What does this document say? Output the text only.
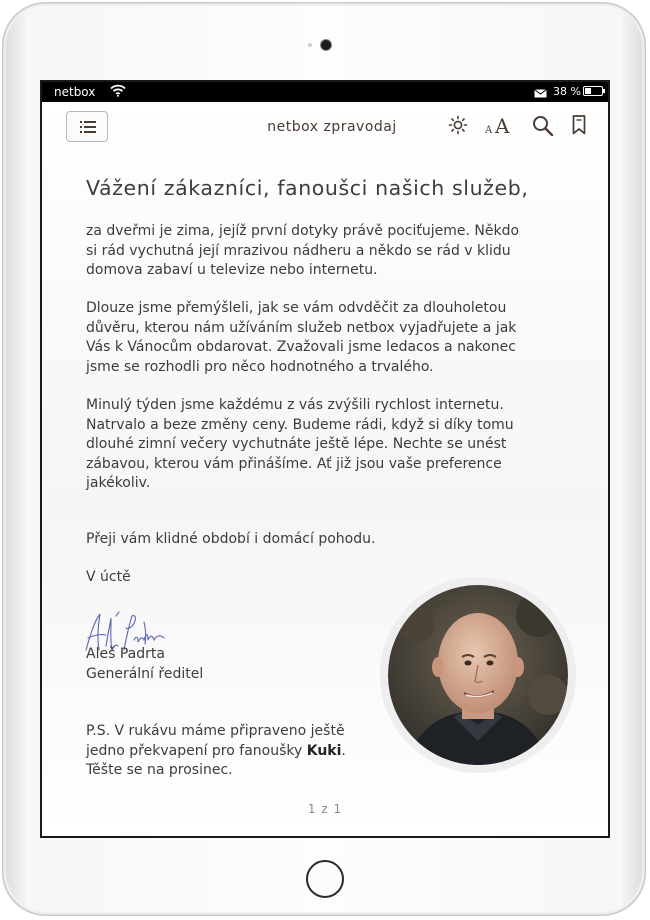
netbox	38 %
netbox zpravodaj	A A
Vážení zákazníci, fanoušci našich služeb,

za dveřmi je zima, jejíž první dotyky právě pociťujeme. Někdo
si rád vychutná její mrazivou nádheru a někdo se rád v klidu
domova zabaví u televize nebo internetu.

Dlouze jsme přemýšleli, jak se vám odvděčit za dlouholetou
důvěru, kterou nám užíváním služeb netbox vyjadřujete a jak
Vás k Vánocům obdarovat. Zvažovali jsme ledacos a nakonec
jsme se rozhodli pro něco hodnotného a trvalého.

Minulý týden jsme každému z vás zvýšili rychlost internetu.
Natrvalo a beze změny ceny. Budeme rádi, když si díky tomu
dlouhé zimní večery vychutnáte ještě lépe. Nechte se unést
zábavou, kterou vám přinášíme. Ať již jsou vaše preference
jakékoliv.

Přeji vám klidné období i domácí pohodu.

V úctě

Aleš Padrta

Generální ředitel

P.S. V rukávu máme připraveno ještě
jedno překvapení pro fanoušky Kuki.
Těšte se na prosinec.

1 z 1
